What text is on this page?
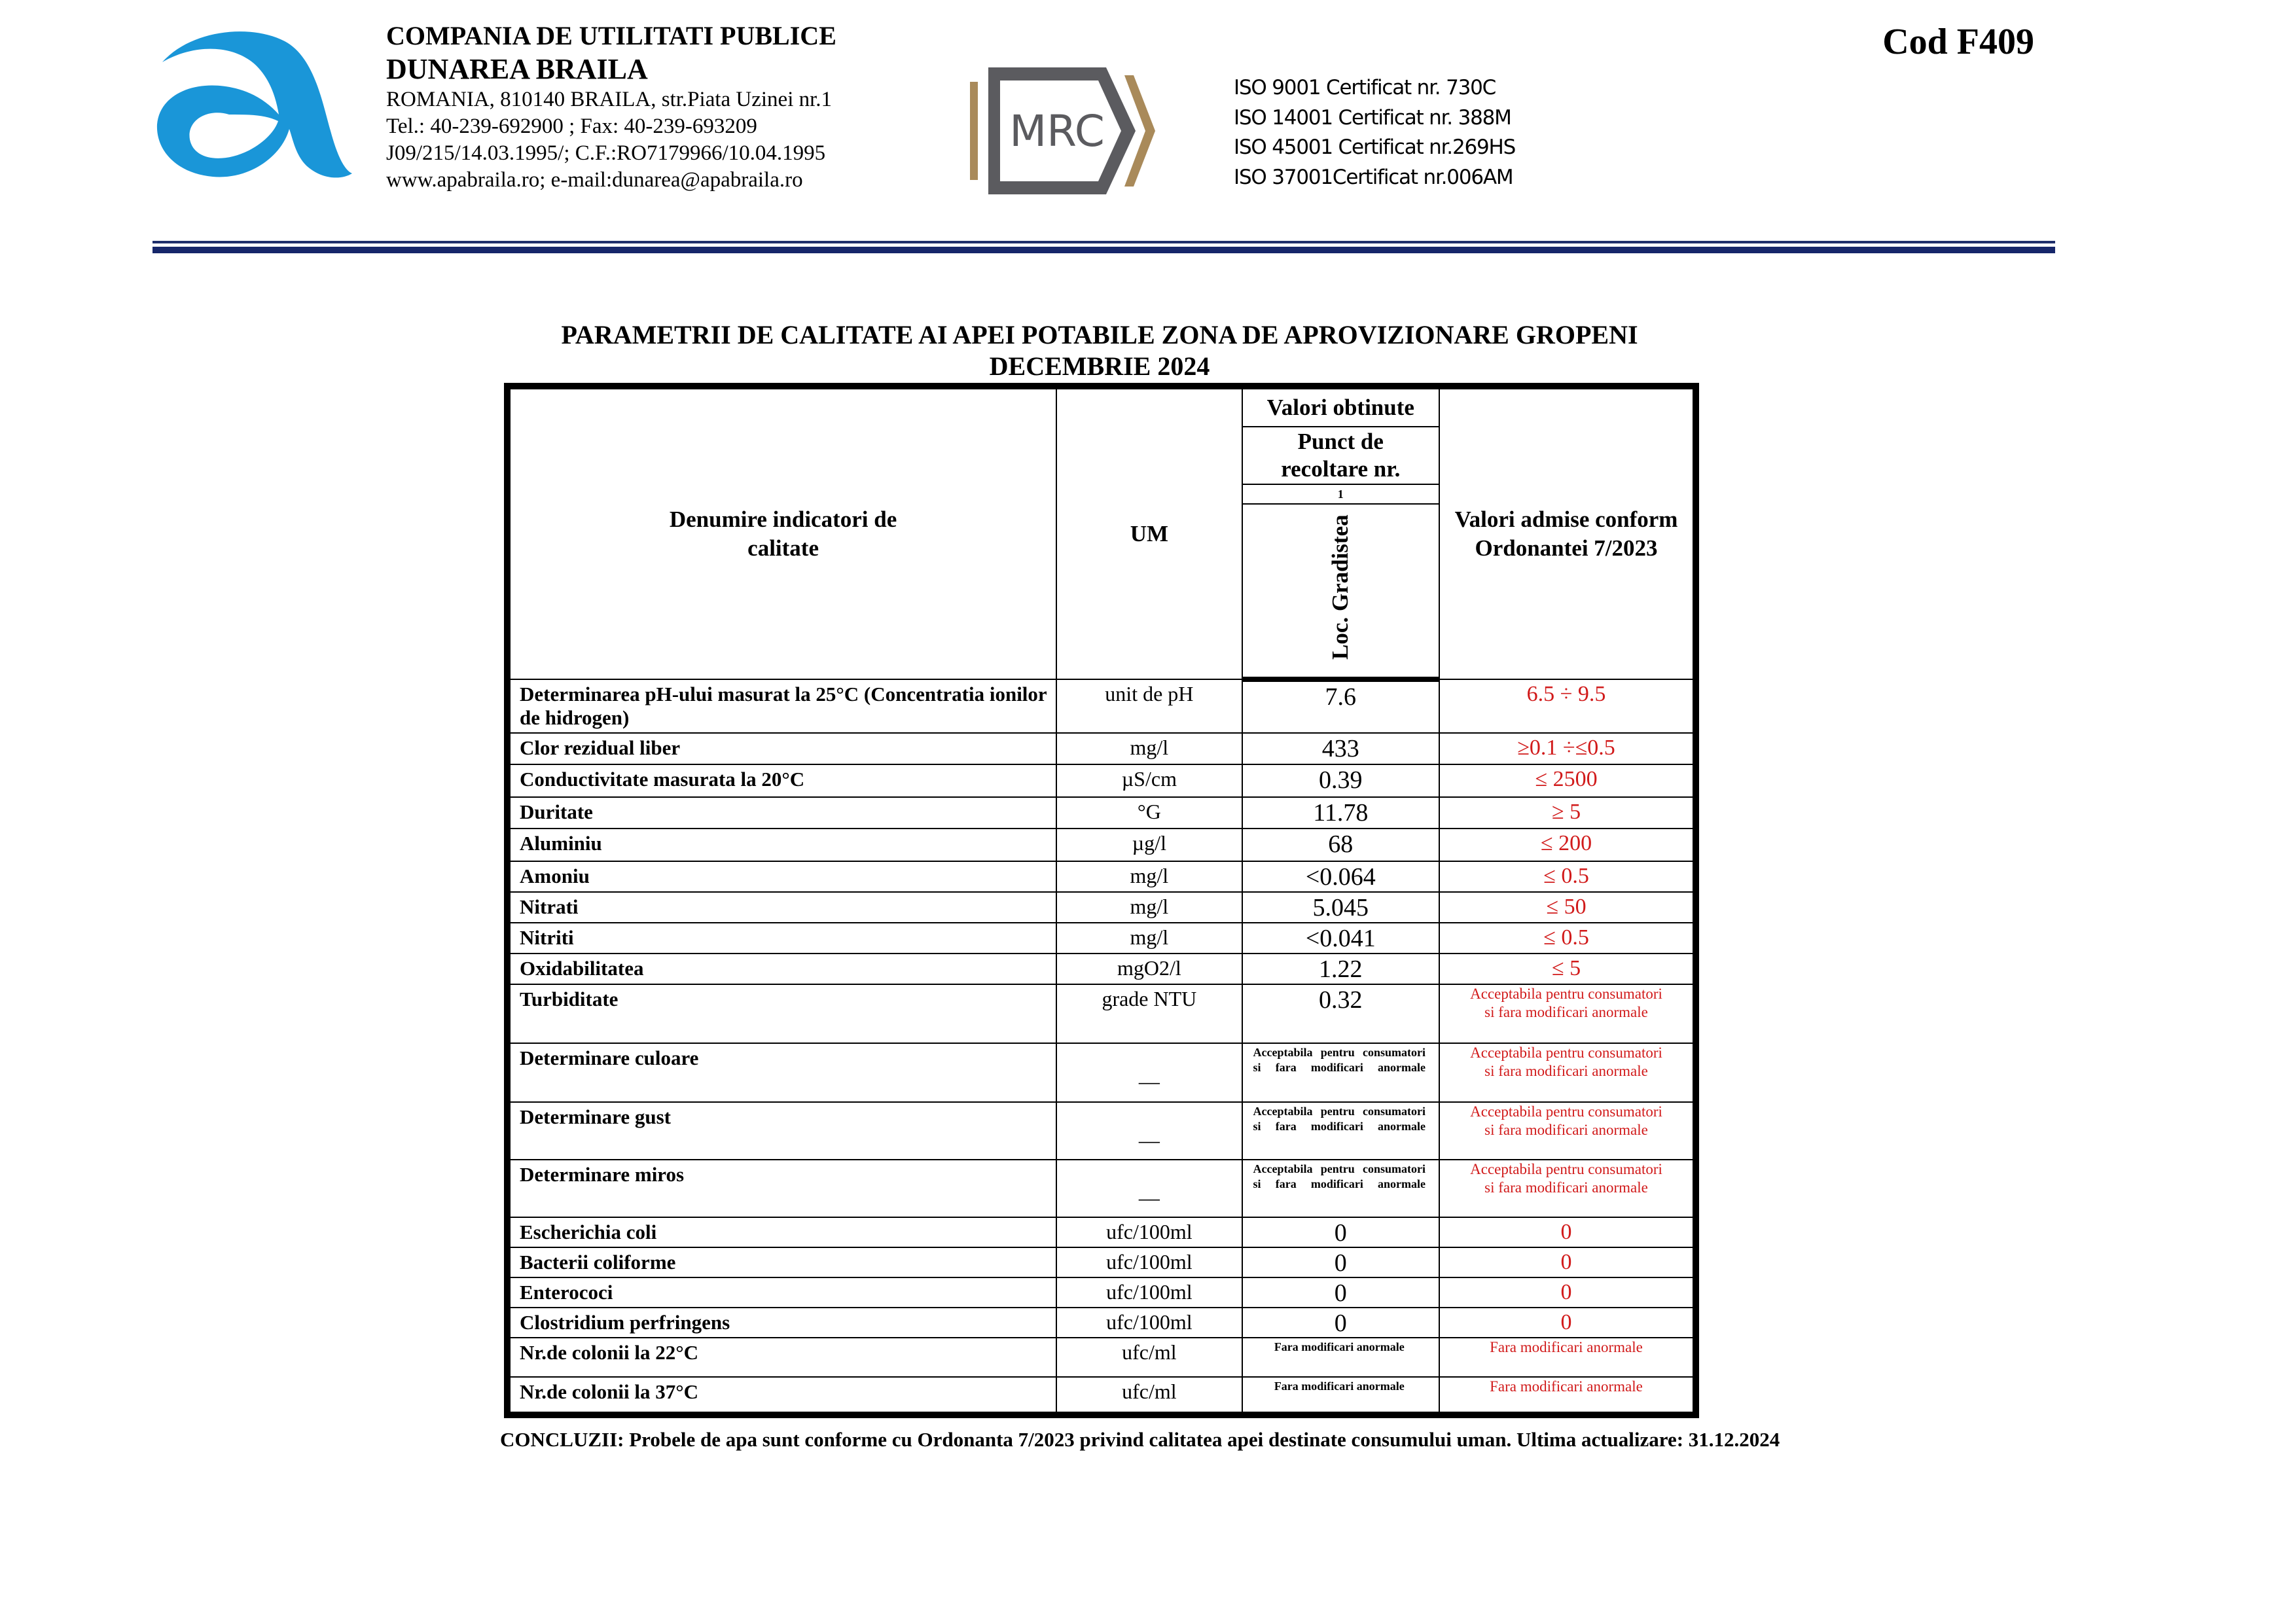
COMPANIA DE UTILITATI PUBLICE
DUNAREA BRAILA
ROMANIA, 810140 BRAILA, str.Piata Uzinei nr.1
Tel.: 40-239-692900 ; Fax: 40-239-693209
J09/215/14.03.1995/; C.F.:RO7179966/10.04.1995
www.apabraila.ro; e-mail:dunarea@apabraila.ro
MRC
ISO 9001 Certificat nr. 730C
ISO 14001 Certificat nr. 388M
ISO 45001 Certificat nr.269HS
ISO 37001Certificat nr.006AM
Cod F409
PARAMETRII DE CALITATE AI APEI POTABILE ZONA DE APROVIZIONARE GROPENI
DECEMBRIE 2024
Denumire indicatori de calitate	UM	Valori obtinute	Valori admise conform Ordonantei 7/2023
		Punct de recoltare nr.	
		1	

		Loc. Gradistea	

Determinarea pH-ului masurat la 25°C (Concentratia ionilor de hidrogen)	unit de pH	7.6	6.5 ÷ 9.5
Clor rezidual liber	mg/l	433	≥0.1 ÷≤0.5
Conductivitate masurata la 20°C	µS/cm	0.39	≤ 2500
Duritate	°G	11.78	≥ 5
Aluminiu	µg/l	68	≤ 200
Amoniu	mg/l	<0.064	≤ 0.5
Nitrati	mg/l	5.045	≤ 50
Nitriti	mg/l	<0.041	≤ 0.5
Oxidabilitatea	mgO2/l	1.22	≤ 5
Turbiditate	grade NTU	0.32	Acceptabila pentru consumatori si fara modificari anormale
Determinare culoare	—	Acceptabila pentru consumatori si fara modificari anormale	Acceptabila pentru consumatori si fara modificari anormale
Determinare gust	—	Acceptabila pentru consumatori si fara modificari anormale	Acceptabila pentru consumatori si fara modificari anormale
Determinare miros	—	Acceptabila pentru consumatori si fara modificari anormale	Acceptabila pentru consumatori si fara modificari anormale
Escherichia coli	ufc/100ml	0	0
Bacterii coliforme	ufc/100ml	0	0
Enterococi	ufc/100ml	0	0
Clostridium perfringens	ufc/100ml	0	0
Nr.de colonii la 22°C	ufc/ml	Fara modificari anormale	Fara modificari anormale
Nr.de colonii la 37°C	ufc/ml	Fara modificari anormale	Fara modificari anormale
CONCLUZII: Probele de apa sunt conforme cu Ordonanta 7/2023 privind calitatea apei destinate consumului uman. Ultima actualizare: 31.12.2024
